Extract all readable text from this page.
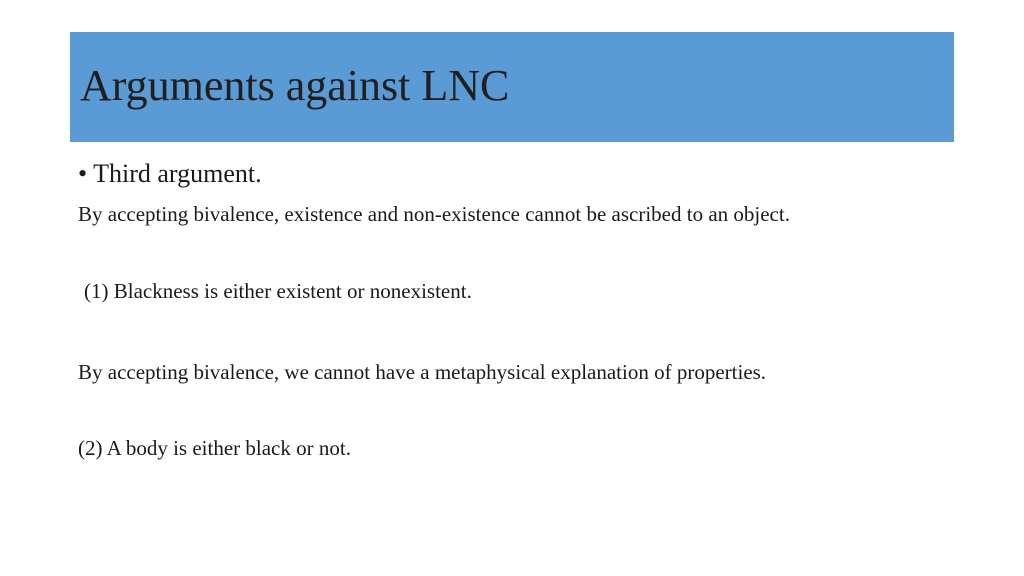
Arguments against LNC

• Third argument.

By accepting bivalence, existence and non-existence cannot be ascribed to an object.

(1) Blackness is either existent or nonexistent.

By accepting bivalence, we cannot have a metaphysical explanation of properties.

(2) A body is either black or not.
